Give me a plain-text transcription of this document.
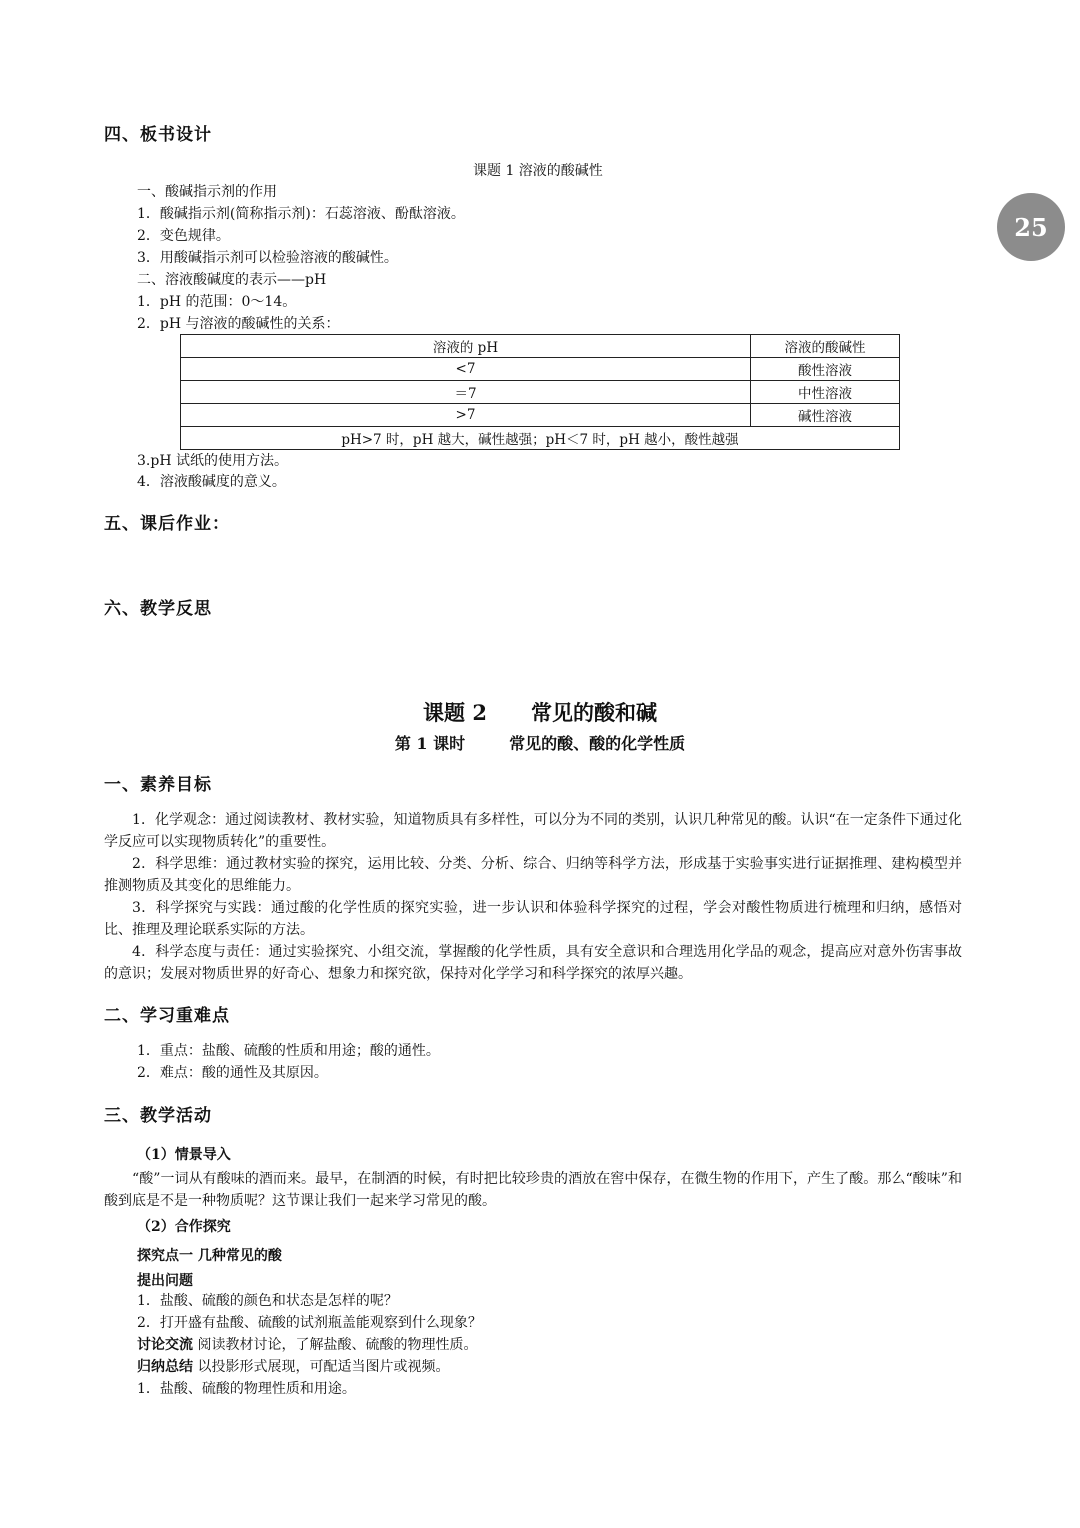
25
四、板书设计
课题 1 溶液的酸碱性
一、酸碱指示剂的作用
1．酸碱指示剂(简称指示剂)：石蕊溶液、酚酞溶液。
2．变色规律。
3．用酸碱指示剂可以检验溶液的酸碱性。
二、溶液酸碱度的表示——pH
1．pH 的范围：0～14。
2．pH 与溶液的酸碱性的关系：
溶液的 pH	溶液的酸碱性
<7	酸性溶液
＝7	中性溶液
>7	碱性溶液
pH>7 时，pH 越大，碱性越强；pH＜7 时，pH 越小，酸性越强	
3.pH 试纸的使用方法。
4．溶液酸碱度的意义。
五、课后作业：
六、教学反思
课题 2 常见的酸和碱
第 1 课时	常见的酸、酸的化学性质
一、素养目标
1．化学观念：通过阅读教材、教材实验，知道物质具有多样性，可以分为不同的类别，认识几种常见的酸。认识“在一定条件下通过化学反应可以实现物质转化”的重要性。
2．科学思维：通过教材实验的探究，运用比较、分类、分析、综合、归纳等科学方法，形成基于实验事实进行证据推理、建构模型并推测物质及其变化的思维能力。
3．科学探究与实践：通过酸的化学性质的探究实验，进一步认识和体验科学探究的过程，学会对酸性物质进行梳理和归纳，感悟对比、推理及理论联系实际的方法。
4．科学态度与责任：通过实验探究、小组交流，掌握酸的化学性质，具有安全意识和合理选用化学品的观念，提高应对意外伤害事故的意识；发展对物质世界的好奇心、想象力和探究欲，保持对化学学习和科学探究的浓厚兴趣。
二、学习重难点
1．重点：盐酸、硫酸的性质和用途；酸的通性。
2．难点：酸的通性及其原因。
三、教学活动
（1）情景导入
“酸”一词从有酸味的酒而来。最早，在制酒的时候，有时把比较珍贵的酒放在窖中保存，在微生物的作用下，产生了酸。那么“酸味”和酸到底是不是一种物质呢？这节课让我们一起来学习常见的酸。
（2）合作探究
探究点一 几种常见的酸
提出问题
1．盐酸、硫酸的颜色和状态是怎样的呢？
2．打开盛有盐酸、硫酸的试剂瓶盖能观察到什么现象？
讨论交流 阅读教材讨论，了解盐酸、硫酸的物理性质。
归纳总结 以投影形式展现，可配适当图片或视频。
1．盐酸、硫酸的物理性质和用途。
